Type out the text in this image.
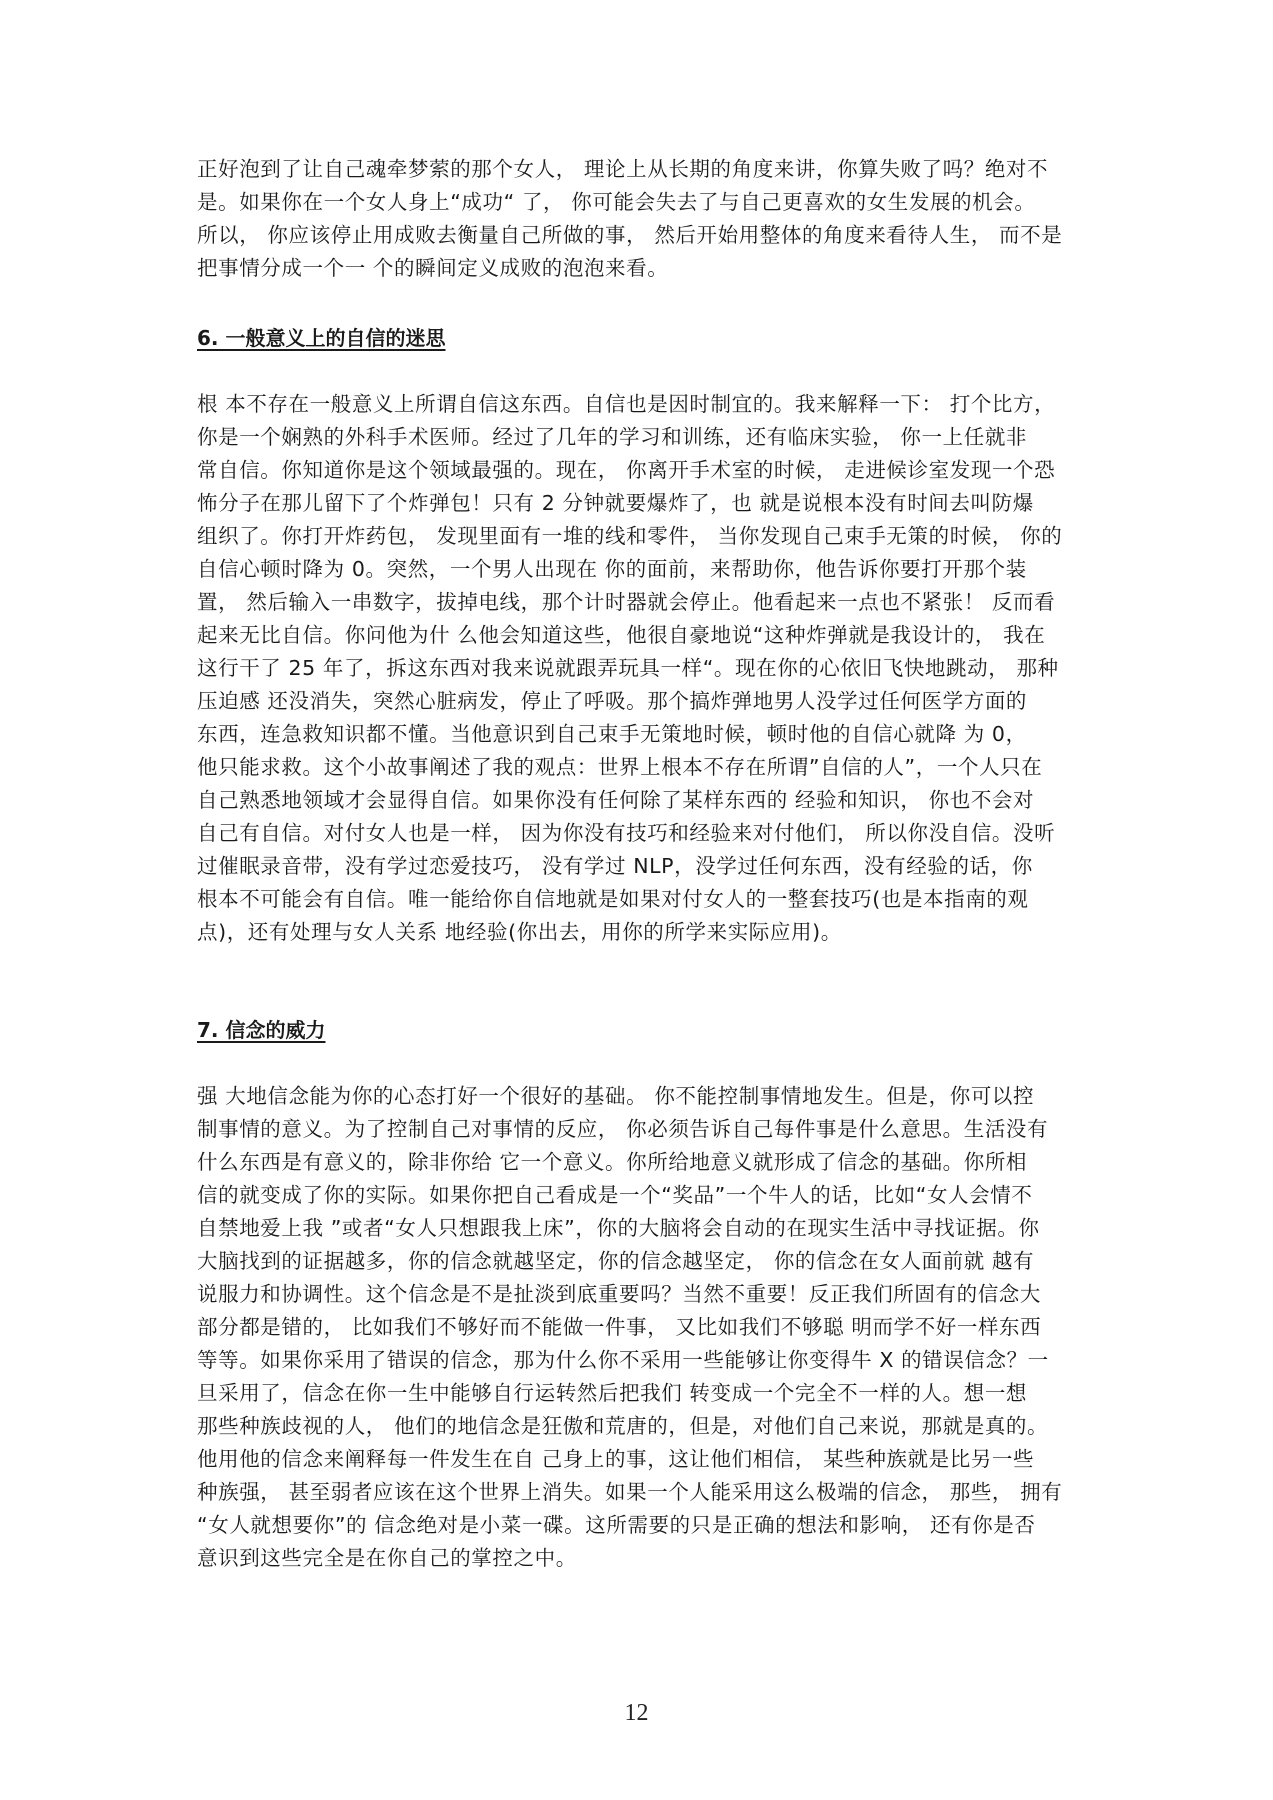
正好泡到了让自己魂牵梦萦的那个女人， 理论上从长期的角度来讲，你算失败了吗？绝对不
是。如果你在一个女人身上“成功“ 了， 你可能会失去了与自己更喜欢的女生发展的机会。
所以， 你应该停止用成败去衡量自己所做的事， 然后开始用整体的角度来看待人生， 而不是
把事情分成一个一 个的瞬间定义成败的泡泡来看。
6. 一般意义上的自信的迷思
根 本不存在一般意义上所谓自信这东西。自信也是因时制宜的。我来解释一下： 打个比方，
你是一个娴熟的外科手术医师。经过了几年的学习和训练，还有临床实验， 你一上任就非
常自信。你知道你是这个领域最强的。现在， 你离开手术室的时候， 走进候诊室发现一个恐
怖分子在那儿留下了个炸弹包！只有 2 分钟就要爆炸了，也 就是说根本没有时间去叫防爆
组织了。你打开炸药包， 发现里面有一堆的线和零件， 当你发现自己束手无策的时候， 你的
自信心顿时降为 0。突然，一个男人出现在 你的面前，来帮助你，他告诉你要打开那个装
置， 然后输入一串数字，拔掉电线，那个计时器就会停止。他看起来一点也不紧张！ 反而看
起来无比自信。你问他为什 么他会知道这些，他很自豪地说“这种炸弹就是我设计的， 我在
这行干了 25 年了，拆这东西对我来说就跟弄玩具一样“。现在你的心依旧飞快地跳动， 那种
压迫感 还没消失，突然心脏病发，停止了呼吸。那个搞炸弹地男人没学过任何医学方面的
东西，连急救知识都不懂。当他意识到自己束手无策地时候，顿时他的自信心就降 为 0，
他只能求救。这个小故事阐述了我的观点：世界上根本不存在所谓”自信的人”，一个人只在
自己熟悉地领域才会显得自信。如果你没有任何除了某样东西的 经验和知识， 你也不会对
自己有自信。对付女人也是一样， 因为你没有技巧和经验来对付他们， 所以你没自信。没听
过催眠录音带，没有学过恋爱技巧， 没有学过 NLP，没学过任何东西，没有经验的话，你
根本不可能会有自信。唯一能给你自信地就是如果对付女人的一整套技巧(也是本指南的观
点)，还有处理与女人关系 地经验(你出去，用你的所学来实际应用)。
7. 信念的威力
强 大地信念能为你的心态打好一个很好的基础。 你不能控制事情地发生。但是，你可以控
制事情的意义。为了控制自己对事情的反应， 你必须告诉自己每件事是什么意思。生活没有
什么东西是有意义的，除非你给 它一个意义。你所给地意义就形成了信念的基础。你所相
信的就变成了你的实际。如果你把自己看成是一个“奖品”一个牛人的话，比如“女人会情不
自禁地爱上我 ”或者“女人只想跟我上床”，你的大脑将会自动的在现实生活中寻找证据。你
大脑找到的证据越多，你的信念就越坚定，你的信念越坚定， 你的信念在女人面前就 越有
说服力和协调性。这个信念是不是扯淡到底重要吗？当然不重要！反正我们所固有的信念大
部分都是错的， 比如我们不够好而不能做一件事， 又比如我们不够聪 明而学不好一样东西
等等。如果你采用了错误的信念，那为什么你不采用一些能够让你变得牛 X 的错误信念？一
旦采用了，信念在你一生中能够自行运转然后把我们 转变成一个完全不一样的人。想一想
那些种族歧视的人， 他们的地信念是狂傲和荒唐的，但是，对他们自己来说，那就是真的。
他用他的信念来阐释每一件发生在自 己身上的事，这让他们相信， 某些种族就是比另一些
种族强， 甚至弱者应该在这个世界上消失。如果一个人能采用这么极端的信念， 那些， 拥有
“女人就想要你”的 信念绝对是小菜一碟。这所需要的只是正确的想法和影响， 还有你是否
意识到这些完全是在你自己的掌控之中。
12
